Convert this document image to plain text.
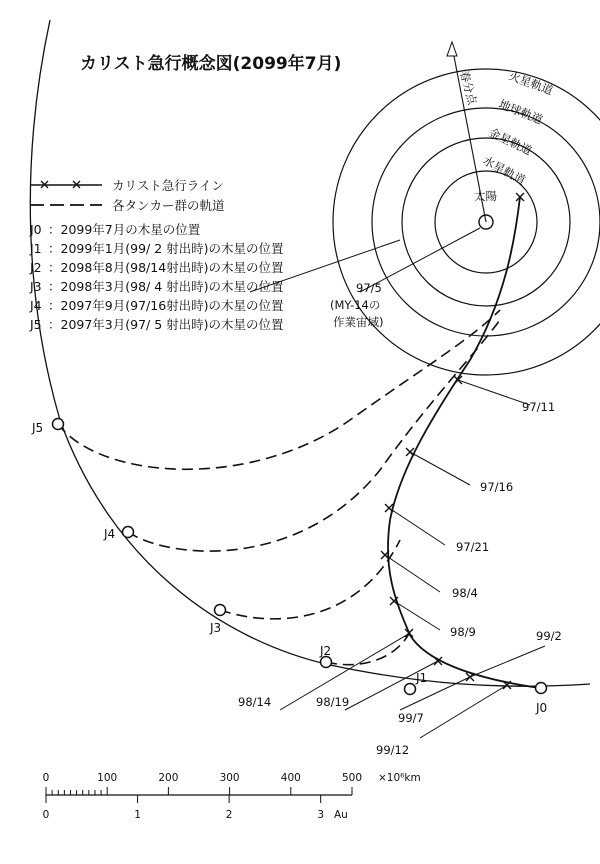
カリスト急行概念図(2099年7月)
太陽
火星軌道
地球軌道
金星軌道
水星軌道
春分点
97/5
(MY-14の
作業宙域)
J5
J4
J3
J2
J1
J0
97/11
97/16
97/21
98/4
98/9	99/2
98/14	98/19
99/7
99/12
カリスト急行ライン
各タンカー群の軌道
J0 ：2099年7月の木星の位置
J1 ：2099年1月(99/ 2 射出時)の木星の位置
J2 ：2098年8月(98/14射出時)の木星の位置
J3 ：2098年3月(98/ 4 射出時)の木星の位置
J4 ：2097年9月(97/16射出時)の木星の位置
J5 ：2097年3月(97/ 5 射出時)の木星の位置
0	100	200	300	400	500
0	1	2	3
×10⁶km
Au
